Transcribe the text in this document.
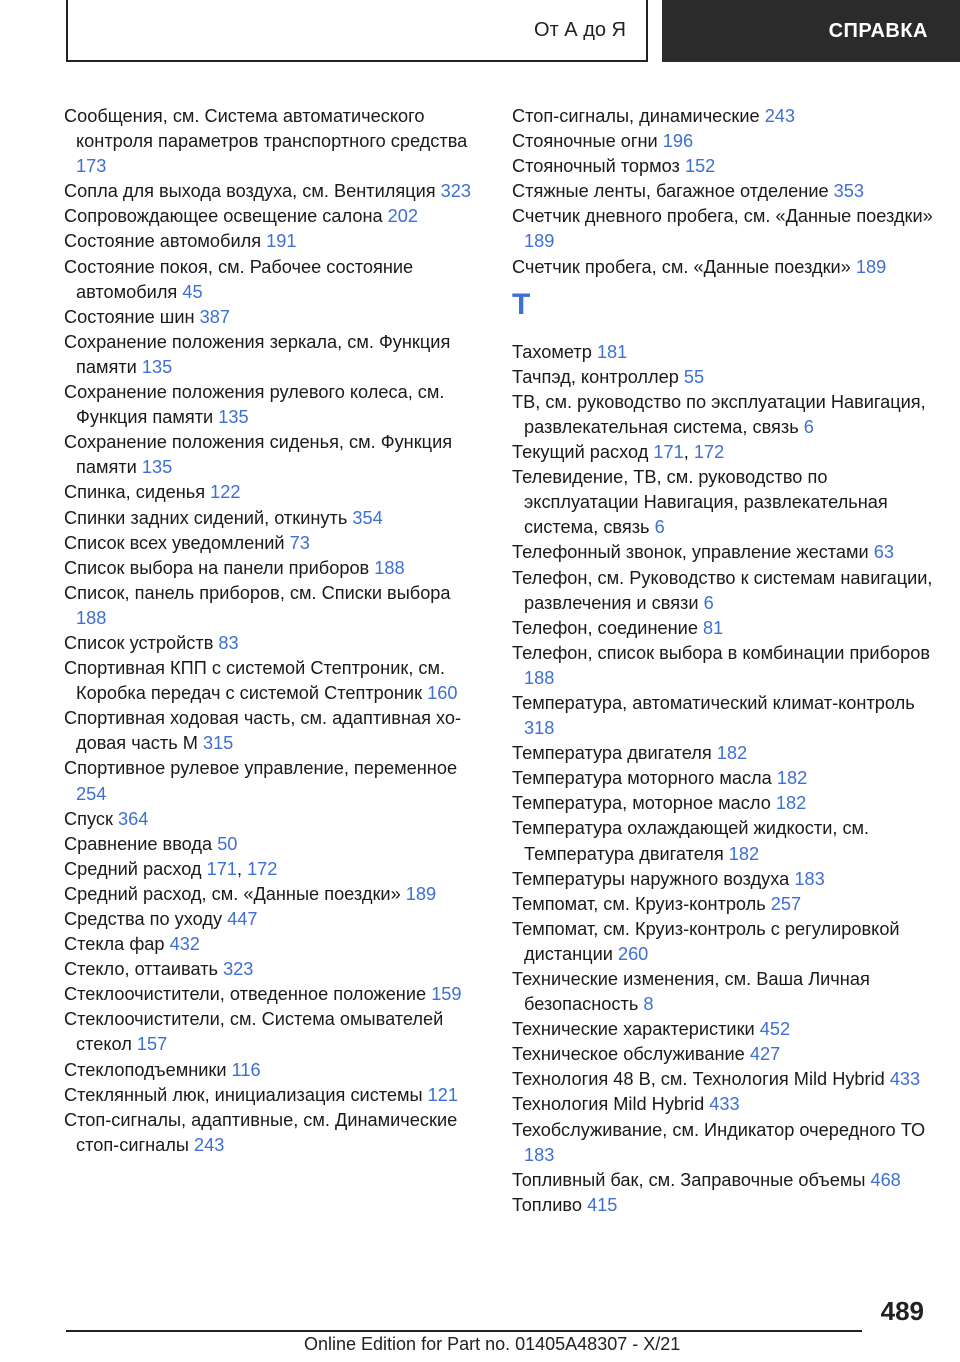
От А до Я	СПРАВКА

Сообщения, см. Система автоматического контроля параметров транспортного средства 173

Сопла для выхода воздуха, см. Вентиляция 323

Сопровождающее освещение салона 202

Состояние автомобиля 191

Состояние покоя, см. Рабочее состояние автомобиля 45

Состояние шин 387

Сохранение положения зеркала, см. Функция памяти 135

Сохранение положения рулевого колеса, см. Функция памяти 135

Сохранение положения сиденья, см. Функция памяти 135

Спинка, сиденья 122

Спинки задних сидений, откинуть 354

Список всех уведомлений 73

Список выбора на панели приборов 188

Список, панель приборов, см. Списки выбора 188

Список устройств 83

Спортивная КПП с системой Стептроник, см. Коробка передач с системой Стептроник 160

Спортивная ходовая часть, см. адаптивная ходовая часть M 315

Спортивное рулевое управление, переменное 254

Спуск 364

Сравнение ввода 50

Средний расход 171, 172

Средний расход, см. «Данные поездки» 189

Средства по уходу 447

Стекла фар 432

Стекло, оттаивать 323

Стеклоочистители, отведенное положение 159

Стеклоочистители, см. Система омывателей стекол 157

Стеклоподъемники 116

Стеклянный люк, инициализация системы 121

Стоп-сигналы, адаптивные, см. Динамические стоп-сигналы 243

Стоп-сигналы, динамические 243

Стояночные огни 196

Стояночный тормоз 152

Стяжные ленты, багажное отделение 353

Счетчик дневного пробега, см. «Данные поездки» 189

Счетчик пробега, см. «Данные поездки» 189

Т

Тахометр 181

Тачпэд, контроллер 55

ТВ, см. руководство по эксплуатации Навигация, развлекательная система, связь 6

Текущий расход 171, 172

Телевидение, ТВ, см. руководство по эксплуатации Навигация, развлекательная система, связь 6

Телефонный звонок, управление жестами 63

Телефон, см. Руководство к системам навигации, развлечения и связи 6

Телефон, соединение 81

Телефон, список выбора в комбинации приборов 188

Температура, автоматический климат-контроль 318

Температура двигателя 182

Температура моторного масла 182

Температура, моторное масло 182

Температура охлаждающей жидкости, см. Температура двигателя 182

Температуры наружного воздуха 183

Темпомат, см. Круиз-контроль 257

Темпомат, см. Круиз-контроль с регулировкой дистанции 260

Технические изменения, см. Ваша Личная безопасность 8

Технические характеристики 452

Техническое обслуживание 427

Технология 48 В, см. Технология Mild Hybrid 433

Технология Mild Hybrid 433

Техобслуживание, см. Индикатор очередного ТО 183

Топливный бак, см. Заправочные объемы 468

Топливо 415

489
Online Edition for Part no. 01405A48307 - X/21
